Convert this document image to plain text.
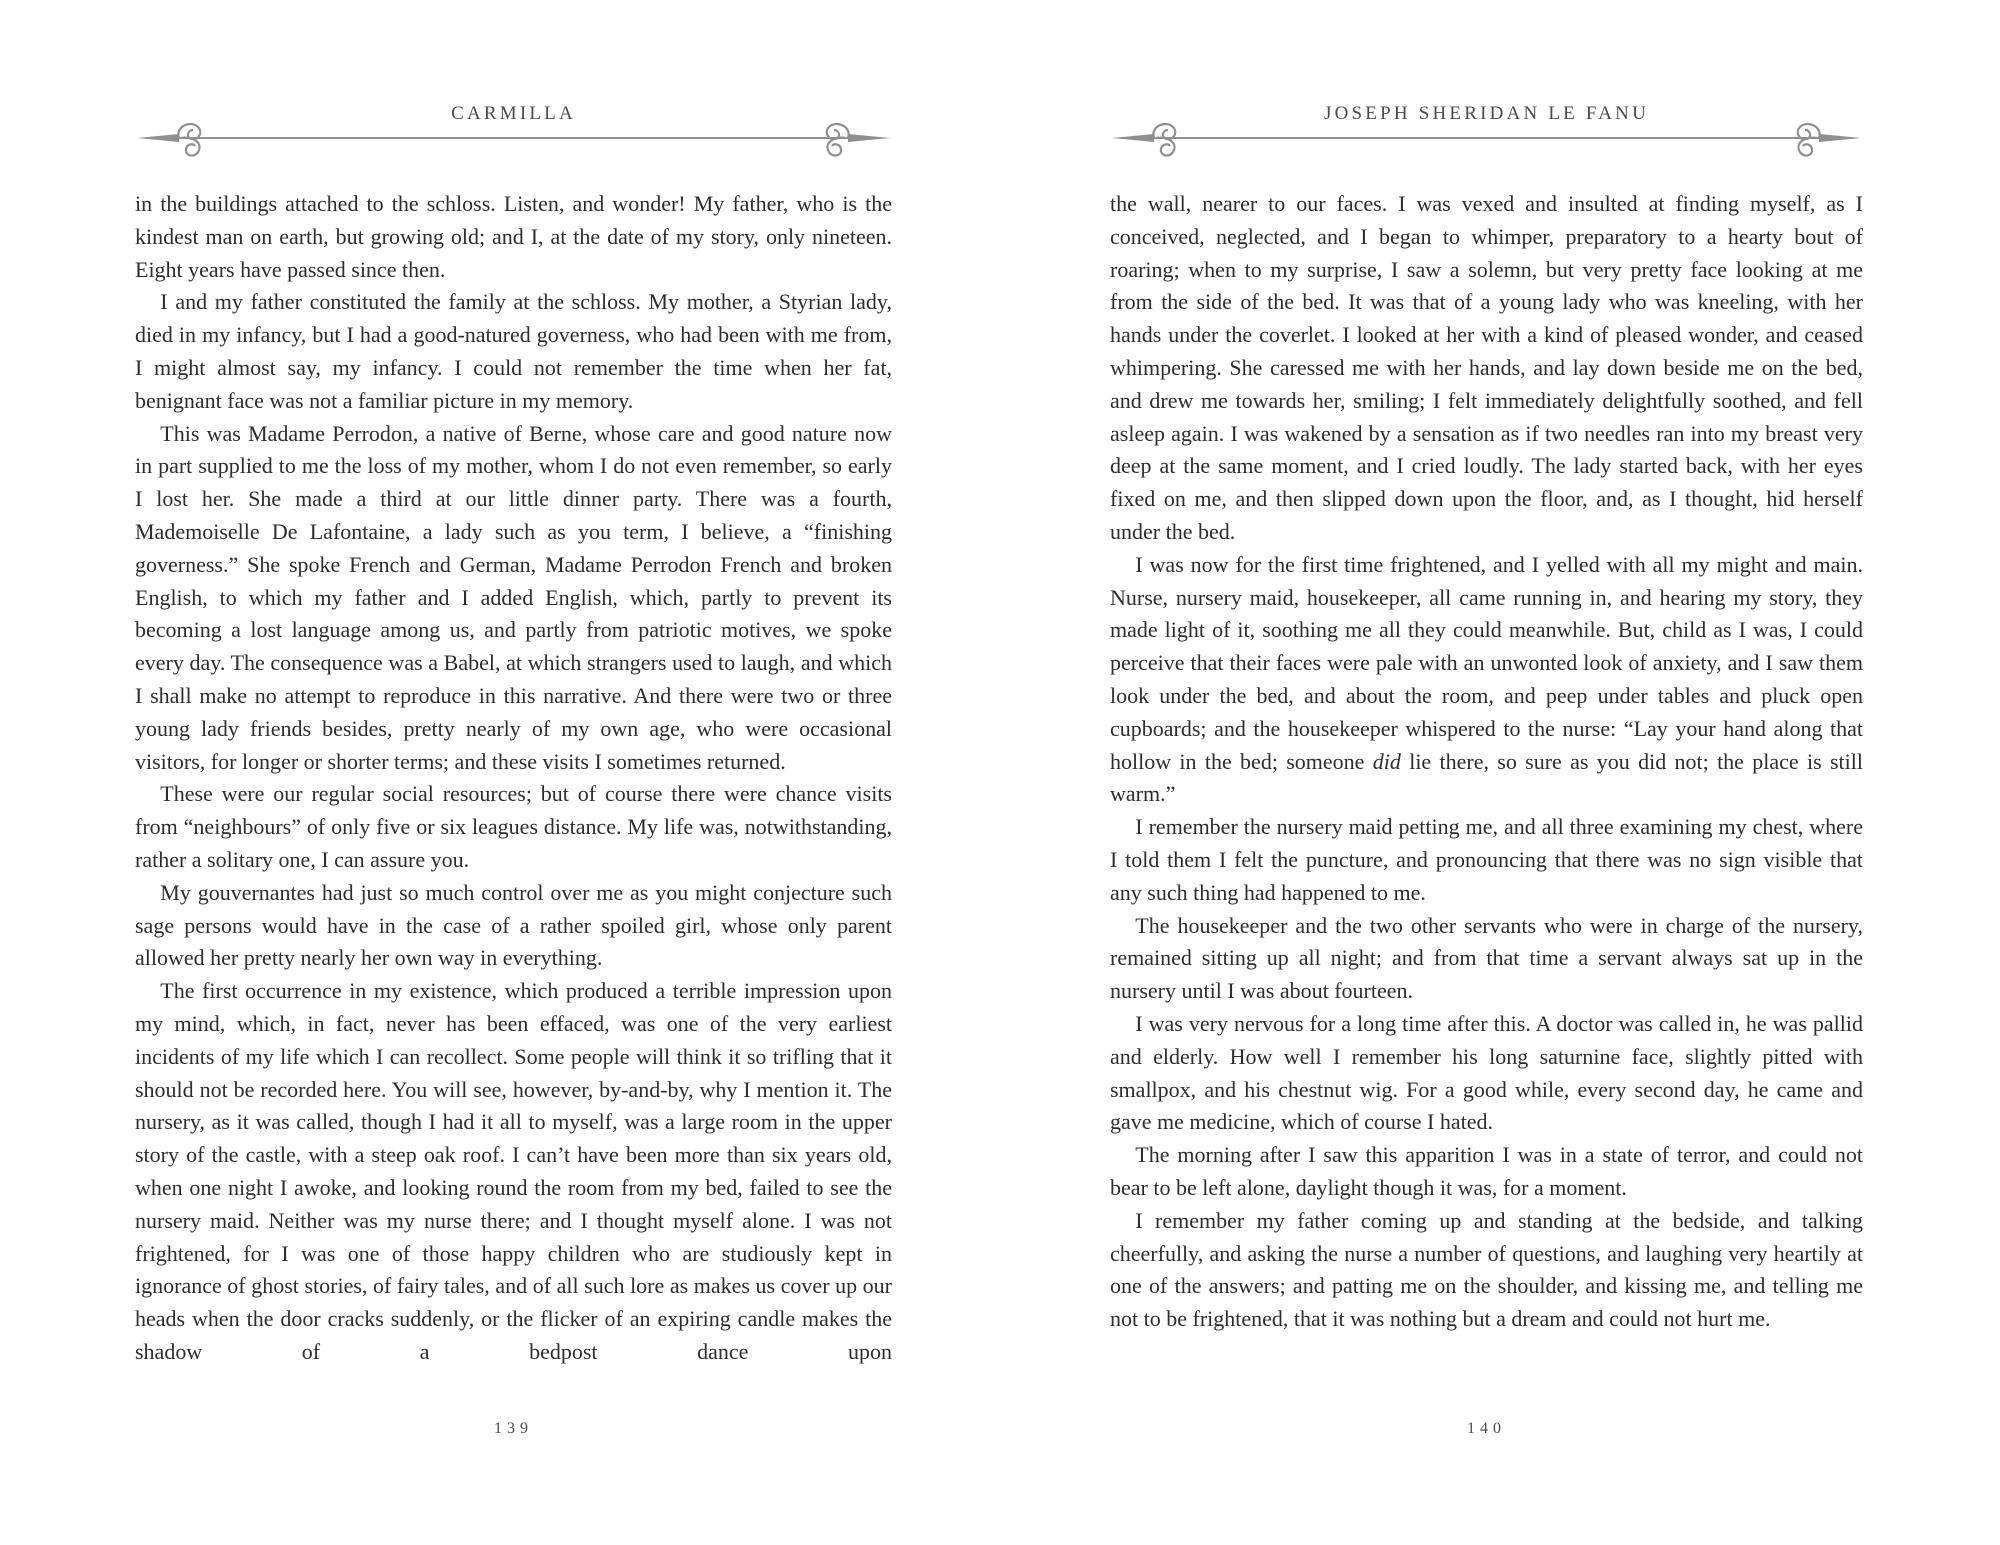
CARMILLA

in the buildings attached to the schloss. Listen, and wonder! My father, who is the kindest man on earth, but growing old; and I, at the date of my story, only nineteen. Eight years have passed since then.

I and my father constituted the family at the schloss. My mother, a Styrian lady, died in my infancy, but I had a good-natured governess, who had been with me from, I might almost say, my infancy. I could not remember the time when her fat, benignant face was not a familiar picture in my memory.

This was Madame Perrodon, a native of Berne, whose care and good nature now in part supplied to me the loss of my mother, whom I do not even remember, so early I lost her. She made a third at our little dinner party. There was a fourth, Mademoiselle De Lafontaine, a lady such as you term, I believe, a “finishing governess.” She spoke French and German, Madame Perrodon French and broken English, to which my father and I added English, which, partly to prevent its becoming a lost language among us, and partly from patriotic motives, we spoke every day. The consequence was a Babel, at which strangers used to laugh, and which I shall make no attempt to reproduce in this narrative. And there were two or three young lady friends besides, pretty nearly of my own age, who were occasional visitors, for longer or shorter terms; and these visits I sometimes returned.

These were our regular social resources; but of course there were chance visits from “neighbours” of only five or six leagues distance. My life was, notwithstanding, rather a solitary one, I can assure you.

My gouvernantes had just so much control over me as you might conjecture such sage persons would have in the case of a rather spoiled girl, whose only parent allowed her pretty nearly her own way in everything.

The first occurrence in my existence, which produced a terrible impression upon my mind, which, in fact, never has been effaced, was one of the very earliest incidents of my life which I can recollect. Some people will think it so trifling that it should not be recorded here. You will see, however, by-and-by, why I mention it. The nursery, as it was called, though I had it all to myself, was a large room in the upper story of the castle, with a steep oak roof. I can’t have been more than six years old, when one night I awoke, and looking round the room from my bed, failed to see the nursery maid. Neither was my nurse there; and I thought myself alone. I was not frightened, for I was one of those happy children who are studiously kept in ignorance of ghost stories, of fairy tales, and of all such lore as makes us cover up our heads when the door cracks suddenly, or the flicker of an expiring candle makes the shadow of a bedpost dance upon

139
JOSEPH SHERIDAN LE FANU

the wall, nearer to our faces. I was vexed and insulted at finding myself, as I conceived, neglected, and I began to whimper, preparatory to a hearty bout of roaring; when to my surprise, I saw a solemn, but very pretty face looking at me from the side of the bed. It was that of a young lady who was kneeling, with her hands under the coverlet. I looked at her with a kind of pleased wonder, and ceased whimpering. She caressed me with her hands, and lay down beside me on the bed, and drew me towards her, smiling; I felt immediately delightfully soothed, and fell asleep again. I was wakened by a sensation as if two needles ran into my breast very deep at the same moment, and I cried loudly. The lady started back, with her eyes fixed on me, and then slipped down upon the floor, and, as I thought, hid herself under the bed.

I was now for the first time frightened, and I yelled with all my might and main. Nurse, nursery maid, housekeeper, all came running in, and hearing my story, they made light of it, soothing me all they could meanwhile. But, child as I was, I could perceive that their faces were pale with an unwonted look of anxiety, and I saw them look under the bed, and about the room, and peep under tables and pluck open cupboards; and the housekeeper whispered to the nurse: “Lay your hand along that hollow in the bed; someone did lie there, so sure as you did not; the place is still warm.”

I remember the nursery maid petting me, and all three examining my chest, where I told them I felt the puncture, and pronouncing that there was no sign visible that any such thing had happened to me.

The housekeeper and the two other servants who were in charge of the nursery, remained sitting up all night; and from that time a servant always sat up in the nursery until I was about fourteen.

I was very nervous for a long time after this. A doctor was called in, he was pallid and elderly. How well I remember his long saturnine face, slightly pitted with smallpox, and his chestnut wig. For a good while, every second day, he came and gave me medicine, which of course I hated.

The morning after I saw this apparition I was in a state of terror, and could not bear to be left alone, daylight though it was, for a moment.

I remember my father coming up and standing at the bedside, and talking cheerfully, and asking the nurse a number of questions, and laughing very heartily at one of the answers; and patting me on the shoulder, and kissing me, and telling me not to be frightened, that it was nothing but a dream and could not hurt me.

140
